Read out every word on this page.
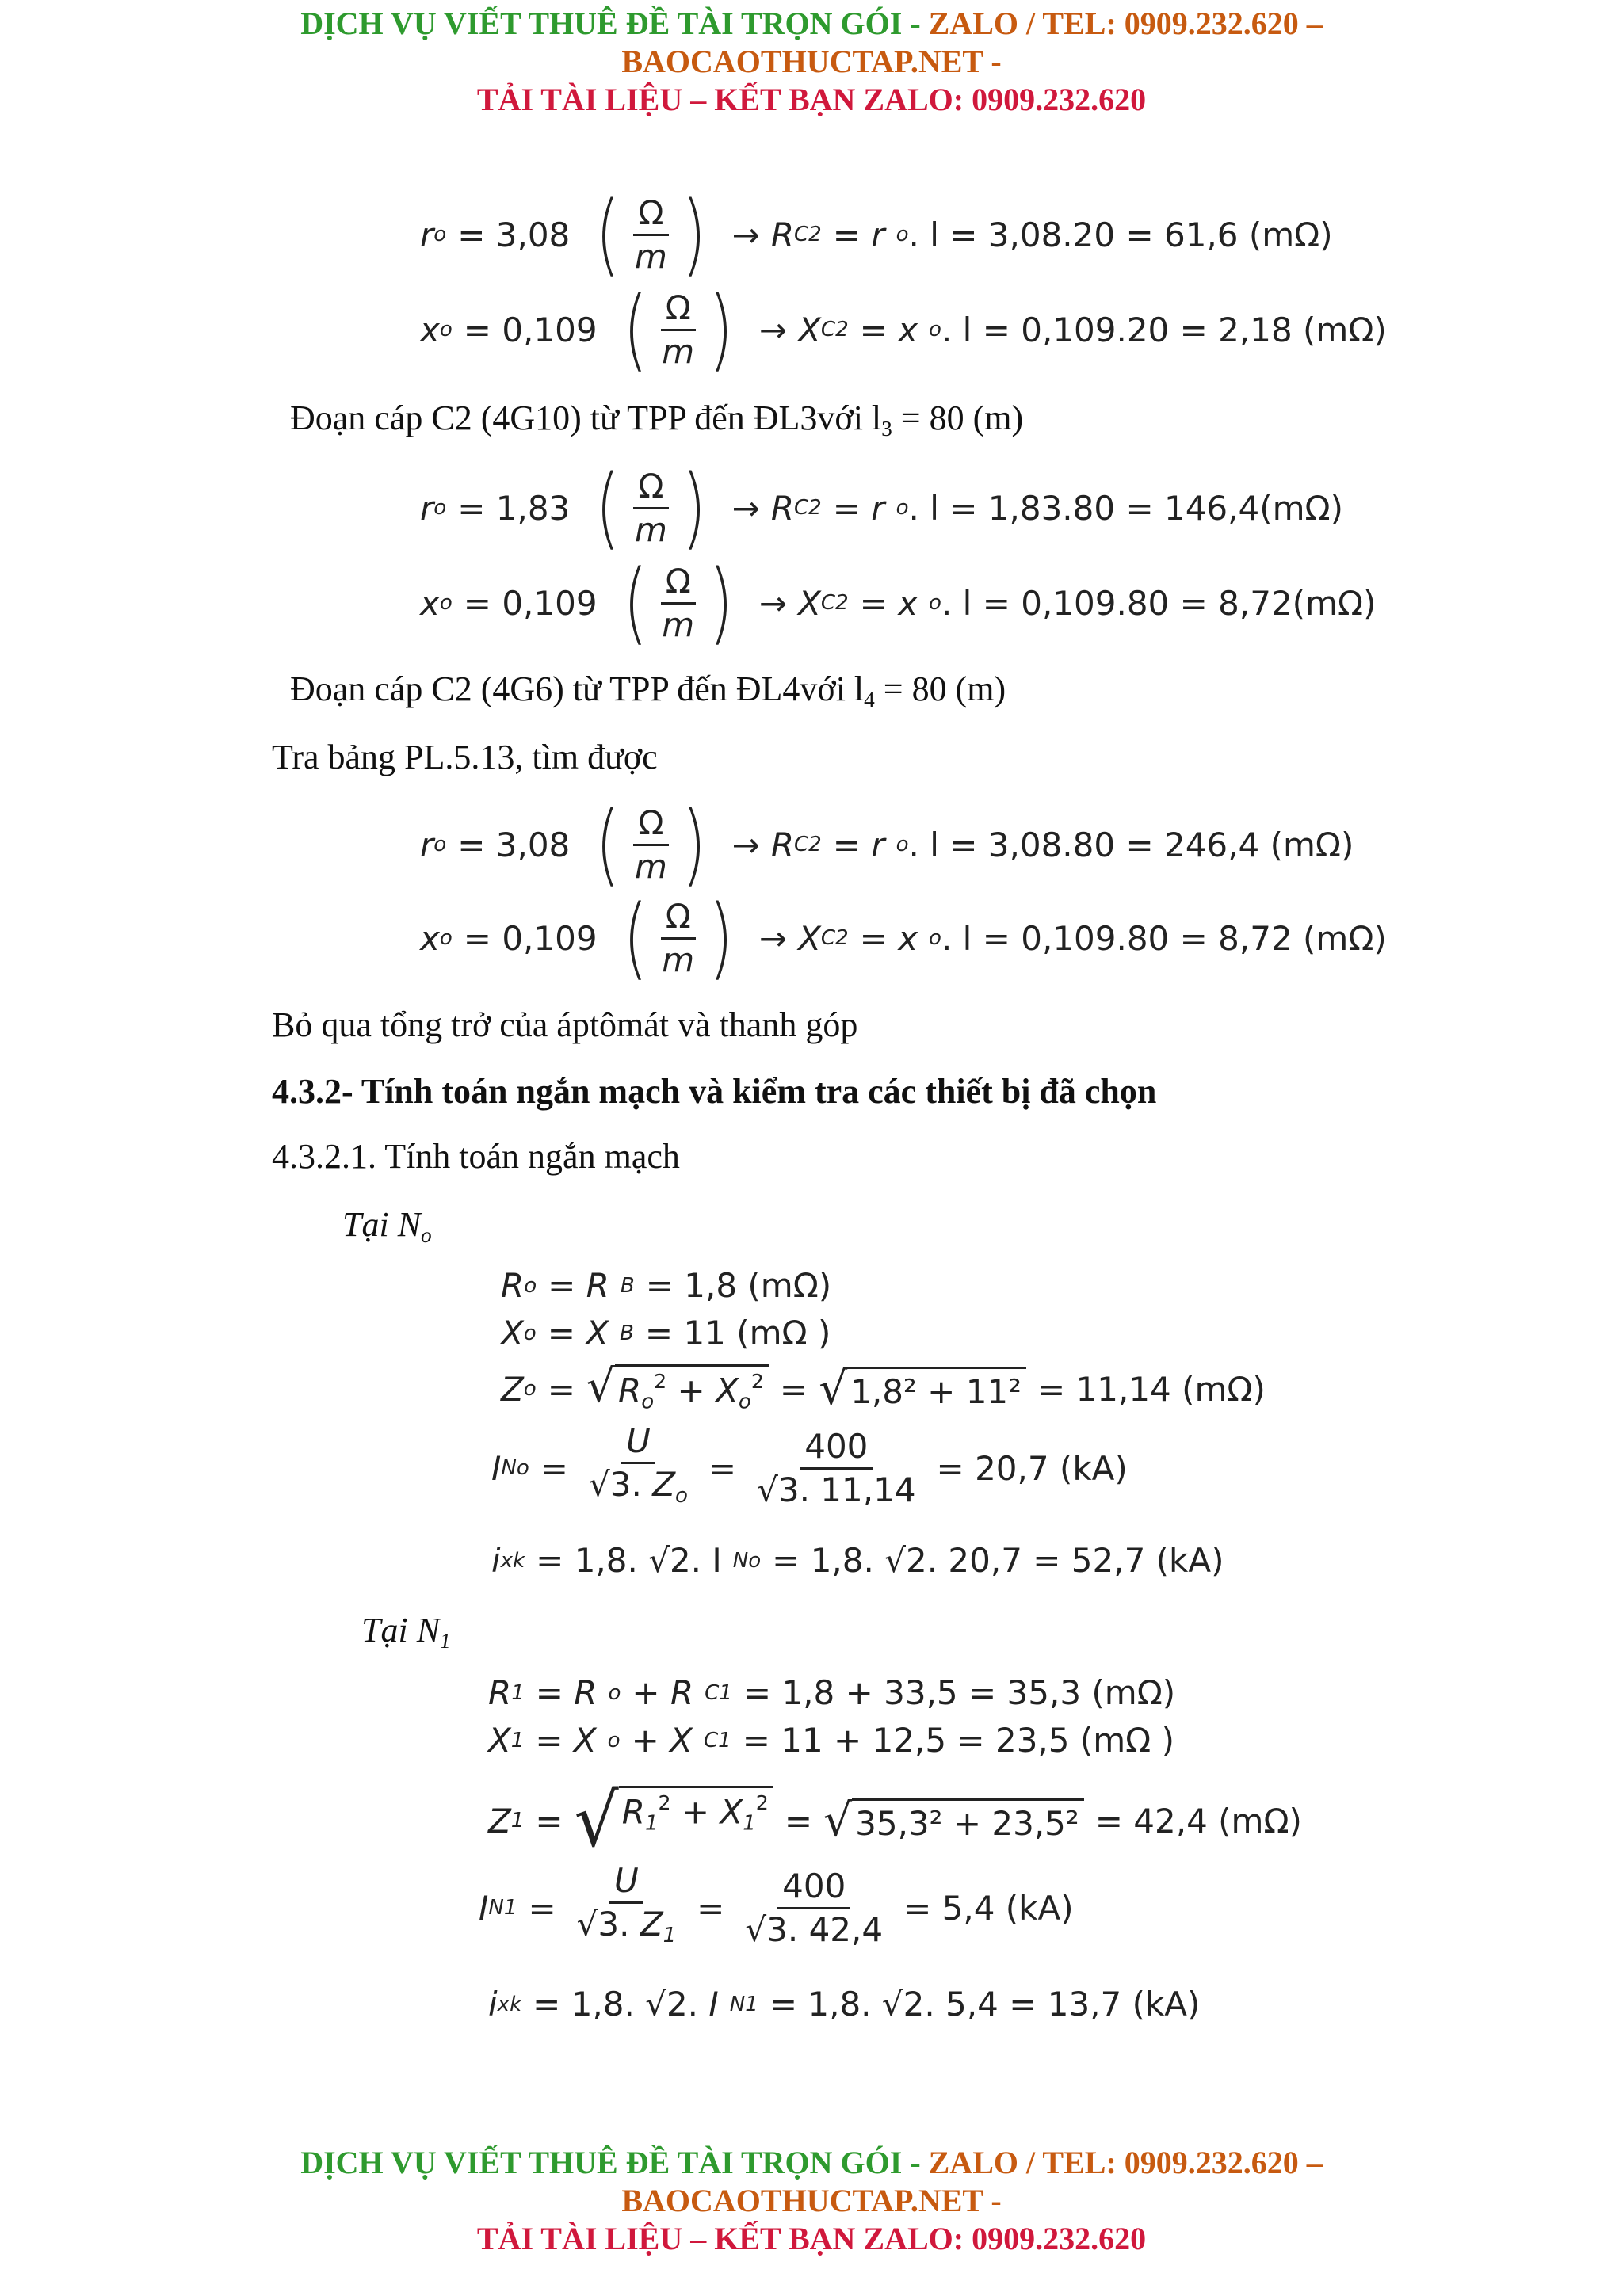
DỊCH VỤ VIẾT THUÊ ĐỀ TÀI TRỌN GÓI - ZALO / TEL: 0909.232.620 –
BAOCAOTHUCTAP.NET -
TẢI TÀI LIỆU – KẾT BẠN ZALO: 0909.232.620
r o = 3,08 ( $\frac{\Omega}{m}$ ) → R C2 = r o . l = 3,08.20 = 61,6 (mΩ)
x o = 0,109 ( $\frac{\Omega}{m}$ ) → X C2 = x o . l = 0,109.20 = 2,18 (mΩ)
Đoạn cáp C2 (4G10) từ TPP đến ĐL3với $l_3 = 80$ (m)
r o = 1,83 ( $\frac{\Omega}{m}$ ) → R C2 = r o . l = 1,83.80 = 146,4(mΩ)
x o = 0,109 ( $\frac{\Omega}{m}$ ) → X C2 = x o . l = 0,109.80 = 8,72(mΩ)
Đoạn cáp C2 (4G6) từ TPP đến ĐL4với $l_4 = 80$ (m)
Tra bảng PL.5.13, tìm được
r o = 3,08 ( $\frac{\Omega}{m}$ ) → R C2 = r o . l = 3,08.80 = 246,4 (mΩ)
x o = 0,109 ( $\frac{\Omega}{m}$ ) → X C2 = x o . l = 0,109.80 = 8,72 (mΩ)
Bỏ qua tổng trở của áptômát và thanh góp
4.3.2- Tính toán ngắn mạch và kiểm tra các thiết bị đã chọn
4.3.2.1. Tính toán ngắn mạch
Tại $N_o$
R o = R B = 1,8 (mΩ)
X o = X B = 11 (mΩ )
Z o = √ $R_o^2 + X_o^2$ = √ 1,8² + 11² = 11,14 (mΩ)
I $No = \frac{U}{√3. Z_o} = \frac{400}{√3. 11,14} = 20,7$ (kA)
i xk = 1,8. √2. I No = 1,8. √2. 20,7 = 52,7 (kA)
Tại $N_1$
R 1 = R o + R C1 = 1,8 + 33,5 = 35,3 (mΩ)
X 1 = X o + X C1 = 11 + 12,5 = 23,5 (mΩ )
Z 1 = √ $R_1^2 + X_1^2$ = √ 35,3² + 23,5² = 42,4 (mΩ)
I $N1 = \frac{U}{√3. Z_1} = \frac{400}{√3. 42,4} = 5,4$ (kA)
i xk = 1,8. √2. I N1 = 1,8. √2. 5,4 = 13,7 (kA)
DỊCH VỤ VIẾT THUÊ ĐỀ TÀI TRỌN GÓI - ZALO / TEL: 0909.232.620 –
BAOCAOTHUCTAP.NET -
TẢI TÀI LIỆU – KẾT BẠN ZALO: 0909.232.620
